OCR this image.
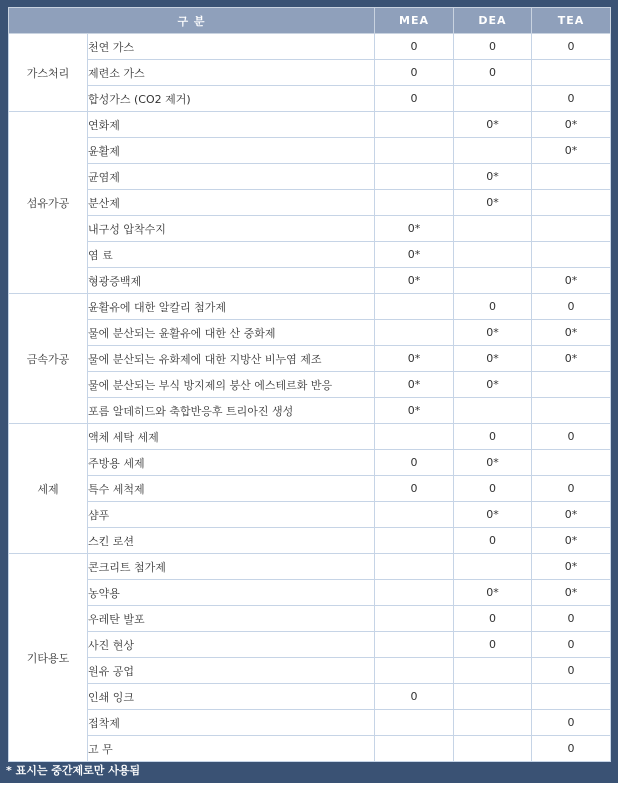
구 분		MEA	DEA	TEA
가스처리	천연 가스	0	0	0
	제련소 가스	0	0	
	합성가스 (CO2 제거)	0		0
섬유가공	연화제		0*	0*
	윤활제			0*
	균염제		0*	
	분산제		0*	
	내구성 압착수지	0*		
	염 료	0*		
	형광증백제	0*		0*
금속가공	윤활유에 대한 알칼리 첨가제		0	0
	물에 분산되는 윤활유에 대한 산 중화제		0*	0*
	물에 분산되는 유화제에 대한 지방산 비누염 제조	0*	0*	0*
	물에 분산되는 부식 방지제의 붕산 에스테르화 반응	0*	0*	
	포름 알데히드와 축합반응후 트리아진 생성	0*		
세제	액체 세탁 세제		0	0
	주방용 세제	0	0*	
	특수 세척제	0	0	0
	샴푸		0*	0*
	스킨 로션		0	0*
기타용도	콘크리트 첨가제			0*
	농약용		0*	0*
	우레탄 발포		0	0
	사진 현상		0	0
	원유 공업			0
	인쇄 잉크	0		
	접착제			0
	고 무			0
* 표시는 중간제로만 사용됨
